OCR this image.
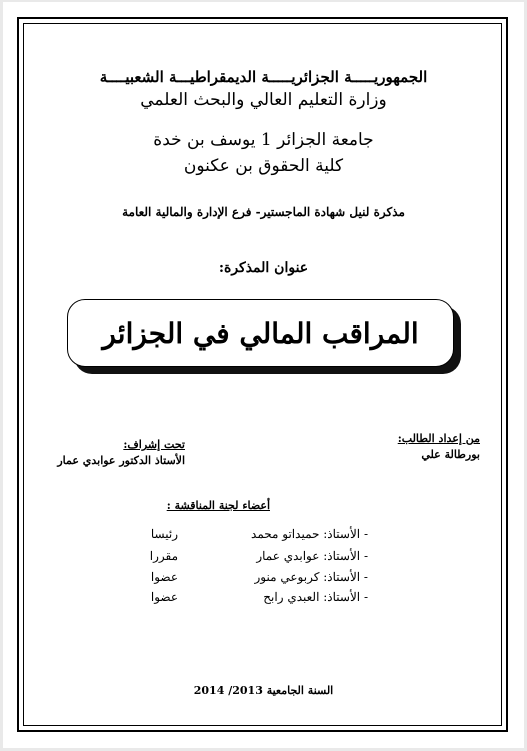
الجمهوريـــــة الجزائريـــــة الديمقراطيـــة الشعبيــــة
وزارة التعليم العالي والبحث العلمي
جامعة الجزائر 1 يوسف بن خدة
كلية الحقوق بن عكنون
مذكرة لنيل شهادة الماجستير- فرع الإدارة والمالية العامة
عنوان المذكرة:
المراقب المالي في الجزائر
من إعداد الطالب:
بورطالة علي
تحت إشراف:
الأستاذ الدكتور عوابدي عمار
أعضاء لجنة المناقشة :
- الأستاذ: حميداتو محمد
رئيسا
- الأستاذ: عوابدي عمار
مقررا
- الأستاذ: كربوعي منور
عضوا
- الأستاذ: العبدي رابح
عضوا
السنة الجامعية 2013/ 2014
